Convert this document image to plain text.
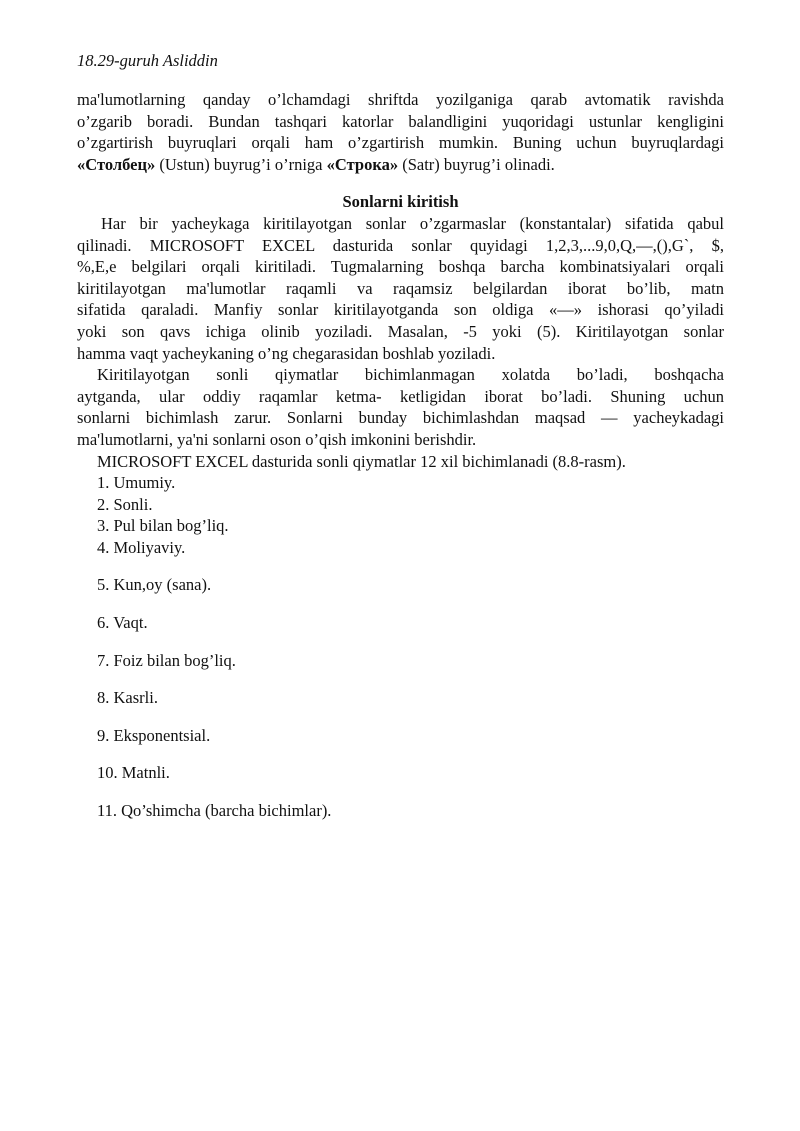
18.29-guruh Asliddin

ma'lumotlarning qanday o’lchamdagi shriftda yozilganiga qarab avtomatik ravishda
o’zgarib boradi. Bundan tashqari katorlar balandligini yuqoridagi ustunlar kengligini
o’zgartirish buyruqlari orqali ham o’zgartirish mumkin. Buning uchun buyruqlardagi
«Столбец» (Ustun) buyrug’i o’rniga «Строка» (Satr) buyrug’i olinadi.

Sonlarni kiritish

Har bir yacheykaga kiritilayotgan sonlar o’zgarmaslar (konstantalar) sifatida qabul
qilinadi. MICROSOFT EXCEL dasturida sonlar quyidagi 1,2,3,...9,0,Q,—,(),G`, $,
%,E,e belgilari orqali kiritiladi. Tugmalarning boshqa barcha kombinatsiyalari orqali
kiritilayotgan ma'lumotlar raqamli va raqamsiz belgilardan iborat bo’lib, matn
sifatida qaraladi. Manfiy sonlar kiritilayotganda son oldiga «—» ishorasi qo’yiladi
yoki son qavs ichiga olinib yoziladi. Masalan, -5 yoki (5). Kiritilayotgan sonlar
hamma vaqt yacheykaning o’ng chegarasidan boshlab yoziladi.

Kiritilayotgan sonli qiymatlar bichimlanmagan xolatda bo’ladi, boshqacha
aytganda, ular oddiy raqamlar ketma- ketligidan iborat bo’ladi. Shuning uchun
sonlarni bichimlash zarur. Sonlarni bunday bichimlashdan maqsad — yacheykadagi
ma'lumotlarni, ya'ni sonlarni oson o’qish imkonini berishdir.

MICROSOFT EXCEL dasturida sonli qiymatlar 12 xil bichimlanadi (8.8-rasm).

1. Umumiy.
2. Sonli.
3. Pul bilan bog’liq.
4. Moliyaviy.
5. Kun,oy (sana).
6. Vaqt.
7. Foiz bilan bog’liq.
8. Kasrli.
9. Eksponentsial.
10. Matnli.
11. Qo’shimcha (barcha bichimlar).
